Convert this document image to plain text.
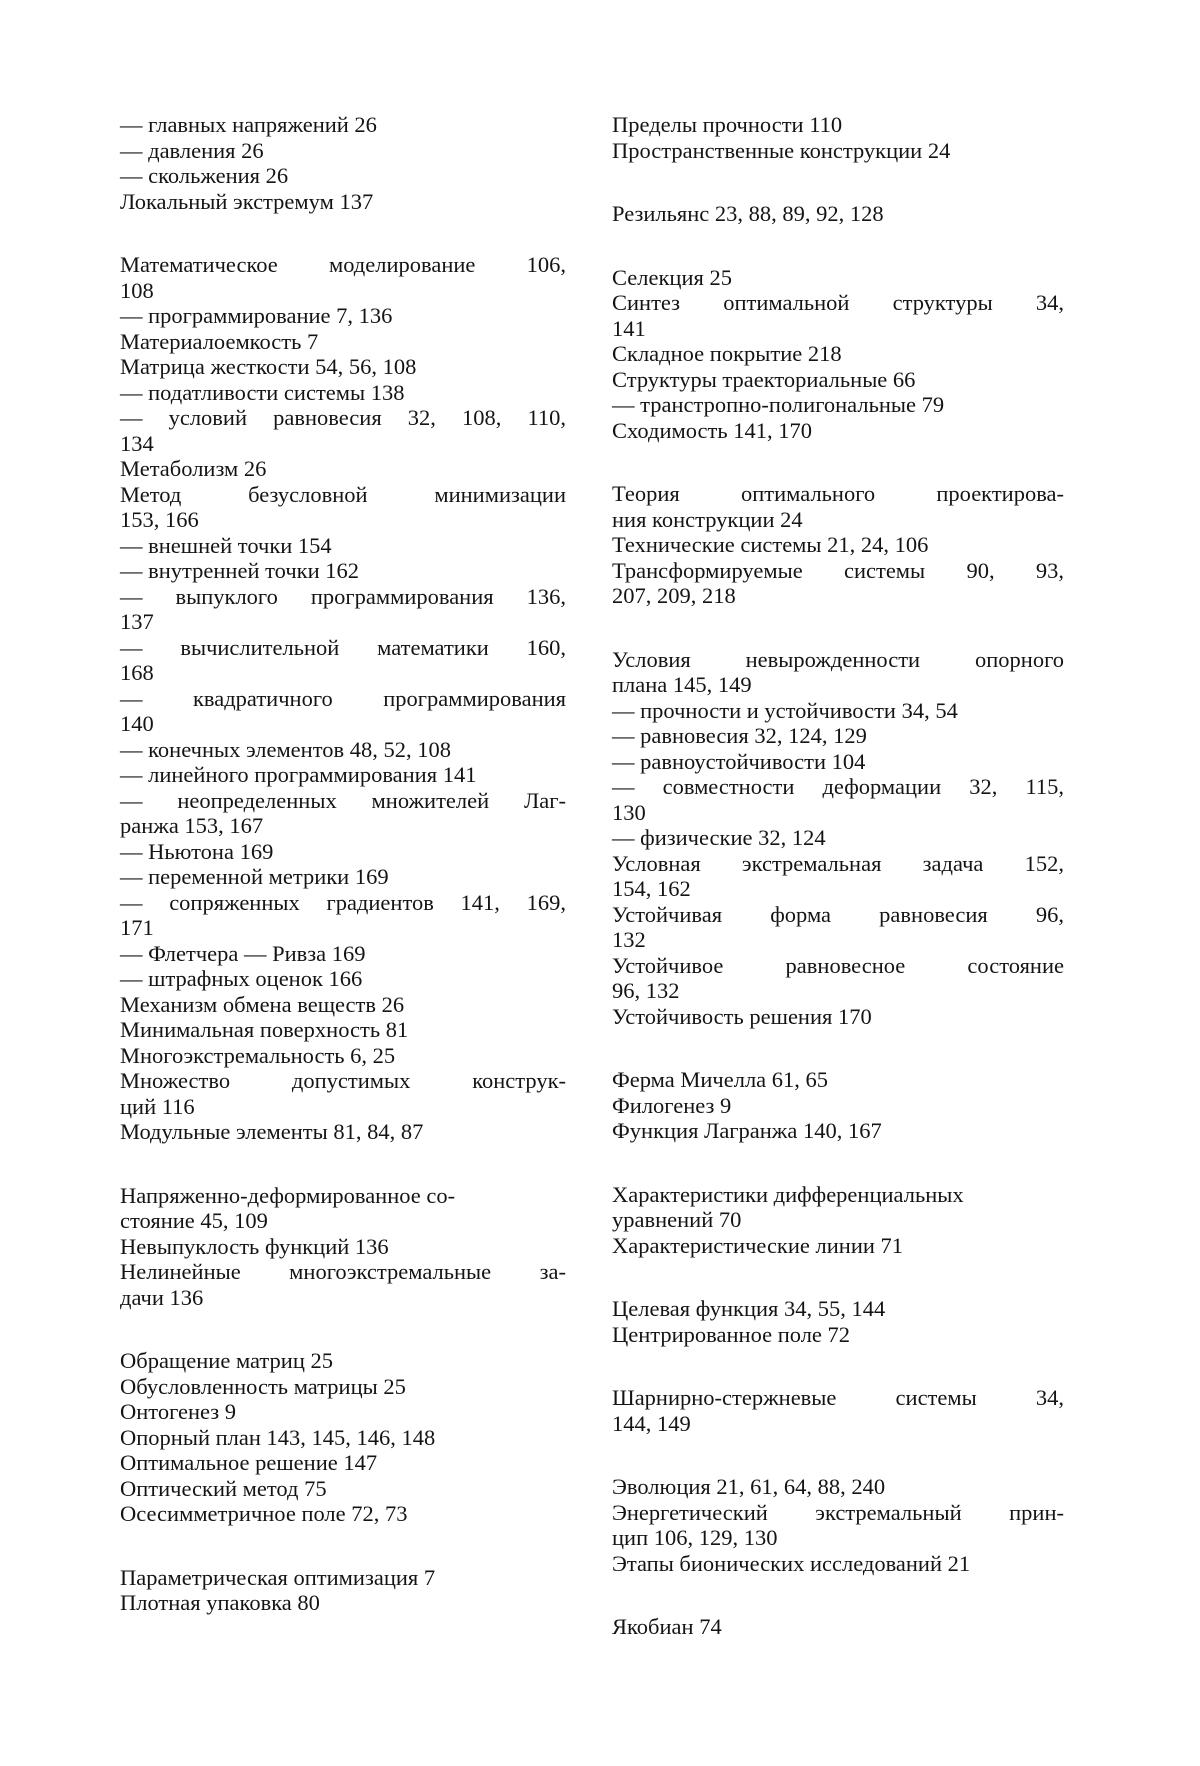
— главных напряжений 26
— давления 26
— скольжения 26
Локальный экстремум 137
Математическое моделирование 106,
108
— программирование 7, 136
Материалоемкость 7
Матрица жесткости 54, 56, 108
— податливости системы 138
— условий равновесия 32, 108, 110,
134
Метаболизм 26
Метод безусловной минимизации
153, 166
— внешней точки 154
— внутренней точки 162
— выпуклого программирования 136,
137
— вычислительной математики 160,
168
— квадратичного программирования
140
— конечных элементов 48, 52, 108
— линейного программирования 141
— неопределенных множителей Лаг-
ранжа 153, 167
— Ньютона 169
— переменной метрики 169
— сопряженных градиентов 141, 169,
171
— Флетчера — Ривза 169
— штрафных оценок 166
Механизм обмена веществ 26
Минимальная поверхность 81
Многоэкстремальность 6, 25
Множество допустимых конструк-
ций 116
Модульные элементы 81, 84, 87
Напряженно-деформированное со-
стояние 45, 109
Невыпуклость функций 136
Нелинейные многоэкстремальные за-
дачи 136
Обращение матриц 25
Обусловленность матрицы 25
Онтогенез 9
Опорный план 143, 145, 146, 148
Оптимальное решение 147
Оптический метод 75
Осесимметричное поле 72, 73
Параметрическая оптимизация 7
Плотная упаковка 80
Пределы прочности 110
Пространственные конструкции 24
Резильянс 23, 88, 89, 92, 128
Селекция 25
Синтез оптимальной структуры 34,
141
Складное покрытие 218
Структуры траекториальные 66
— транстропно-полигональные 79
Сходимость 141, 170
Теория оптимального проектирова-
ния конструкции 24
Технические системы 21, 24, 106
Трансформируемые системы 90, 93,
207, 209, 218
Условия невырожденности опорного
плана 145, 149
— прочности и устойчивости 34, 54
— равновесия 32, 124, 129
— равноустойчивости 104
— совместности деформации 32, 115,
130
— физические 32, 124
Условная экстремальная задача 152,
154, 162
Устойчивая форма равновесия 96,
132
Устойчивое равновесное состояние
96, 132
Устойчивость решения 170
Ферма Мичелла 61, 65
Филогенез 9
Функция Лагранжа 140, 167
Характеристики дифференциальных
уравнений 70
Характеристические линии 71
Целевая функция 34, 55, 144
Центрированное поле 72
Шарнирно-стержневые системы 34,
144, 149
Эволюция 21, 61, 64, 88, 240
Энергетический экстремальный прин-
цип 106, 129, 130
Этапы бионических исследований 21
Якобиан 74
